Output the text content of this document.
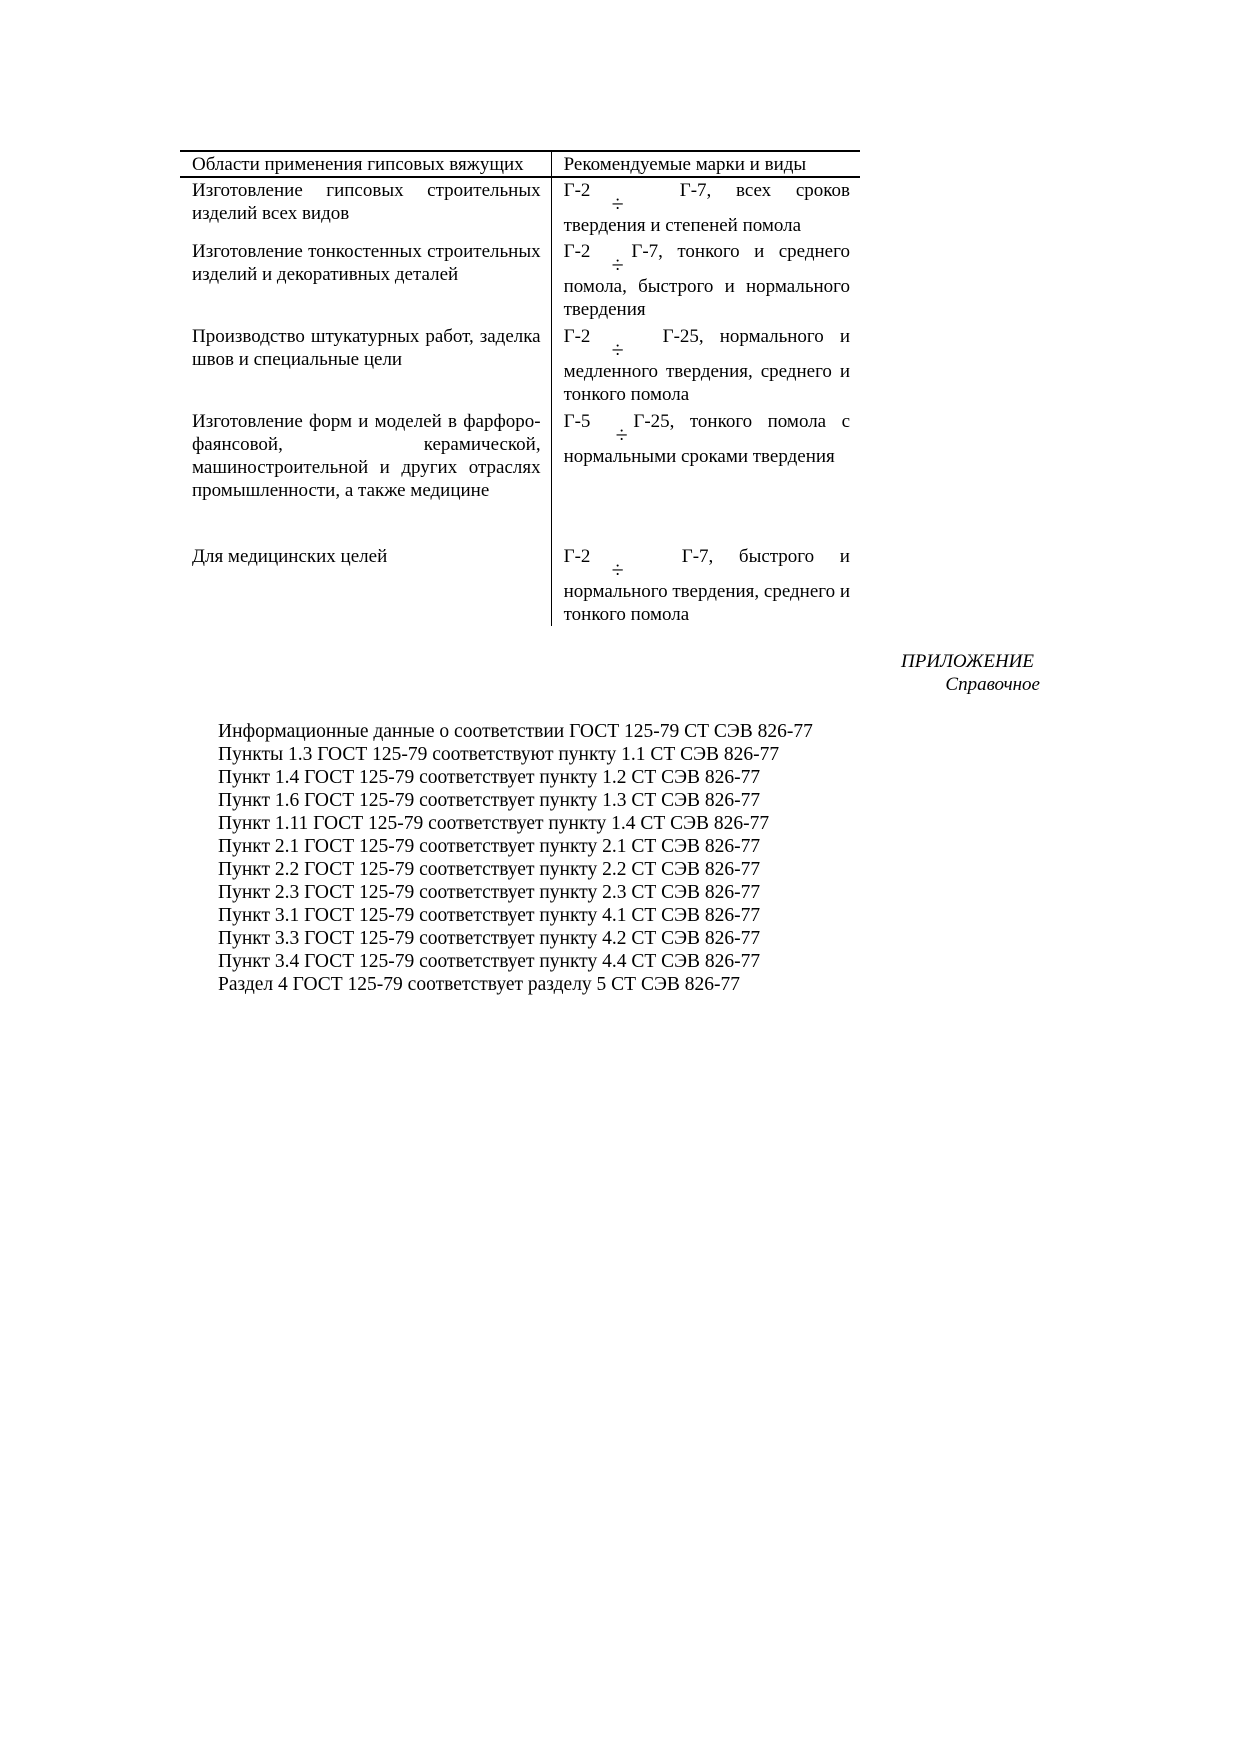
Области применения гипсовых вяжущих	Рекомендуемые марки и виды
Изготовление гипсовых строительных изделий всех видов
Г-2
÷
Г-7, всех сроков
твердения и степеней помола
Изготовление тонкостенных строительных изделий и декоративных деталей
Г-2
÷
Г-7, тонкого и среднего
помола, быстрого и нормального твердения
Производство штукатурных работ, заделка швов и специальные цели
Г-2
÷
Г-25, нормального и
медленного твердения, среднего и тонкого помола
Изготовление форм и моделей в фарфоро-фаянсовой, керамической, машиностроительной и других отраслях промышленности, а также медицине
Г-5
÷
Г-25, тонкого помола с
нормальными сроками твердения
Для медицинских целей	Г-2
÷
Г-7, быстрого и
нормального твердения, среднего и тонкого помола
ПРИЛОЖЕНИЕ
Справочное
Информационные данные о соответствии ГОСТ 125-79 СТ СЭВ 826-77
Пункты 1.3 ГОСТ 125-79 соответствуют пункту 1.1 СТ СЭВ 826-77
Пункт 1.4 ГОСТ 125-79 соответствует пункту 1.2 СТ СЭВ 826-77
Пункт 1.6 ГОСТ 125-79 соответствует пункту 1.3 СТ СЭВ 826-77
Пункт 1.11 ГОСТ 125-79 соответствует пункту 1.4 СТ СЭВ 826-77
Пункт 2.1 ГОСТ 125-79 соответствует пункту 2.1 СТ СЭВ 826-77
Пункт 2.2 ГОСТ 125-79 соответствует пункту 2.2 СТ СЭВ 826-77
Пункт 2.3 ГОСТ 125-79 соответствует пункту 2.3 СТ СЭВ 826-77
Пункт 3.1 ГОСТ 125-79 соответствует пункту 4.1 СТ СЭВ 826-77
Пункт 3.3 ГОСТ 125-79 соответствует пункту 4.2 СТ СЭВ 826-77
Пункт 3.4 ГОСТ 125-79 соответствует пункту 4.4 СТ СЭВ 826-77
Раздел 4 ГОСТ 125-79 соответствует разделу 5 СТ СЭВ 826-77
